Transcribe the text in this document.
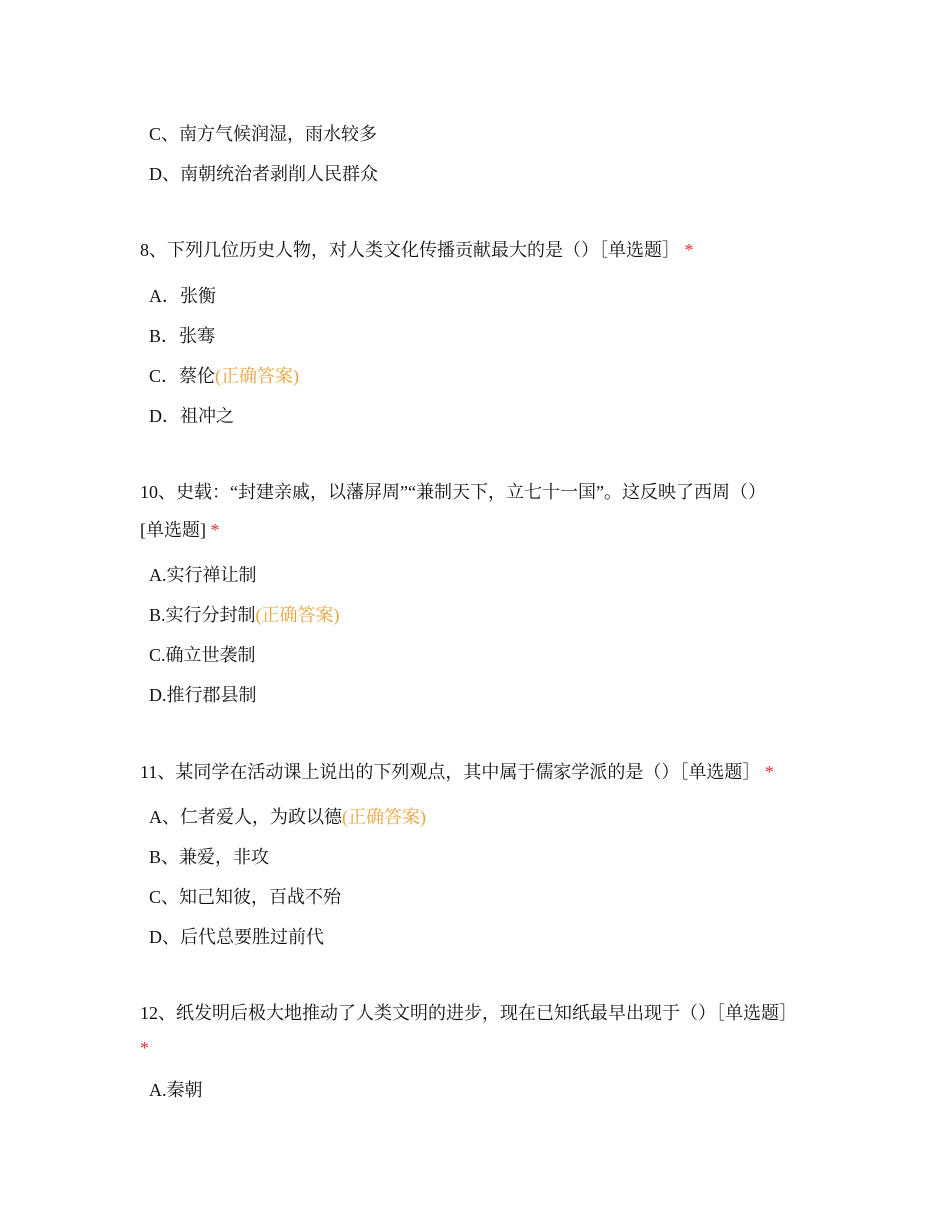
C、南方气候润湿，雨水较多
D、南朝统治者剥削人民群众
8、下列几位历史人物，对人类文化传播贡献最大的是（）［单选题］ *
A．张衡
B．张骞
C．蔡伦(正确答案)
D．祖冲之
10、史载：“封建亲戚，以藩屏周”“兼制天下，立七十一国”。这反映了西周（）
[单选题] *
A.实行禅让制
B.实行分封制(正确答案)
C.确立世袭制
D.推行郡县制
11、某同学在活动课上说出的下列观点，其中属于儒家学派的是（）［单选题］ *
A、仁者爱人，为政以德(正确答案)
B、兼爱，非攻
C、知己知彼，百战不殆
D、后代总要胜过前代
12、纸发明后极大地推动了人类文明的进步，现在已知纸最早出现于（）［单选题］
*
A.秦朝
